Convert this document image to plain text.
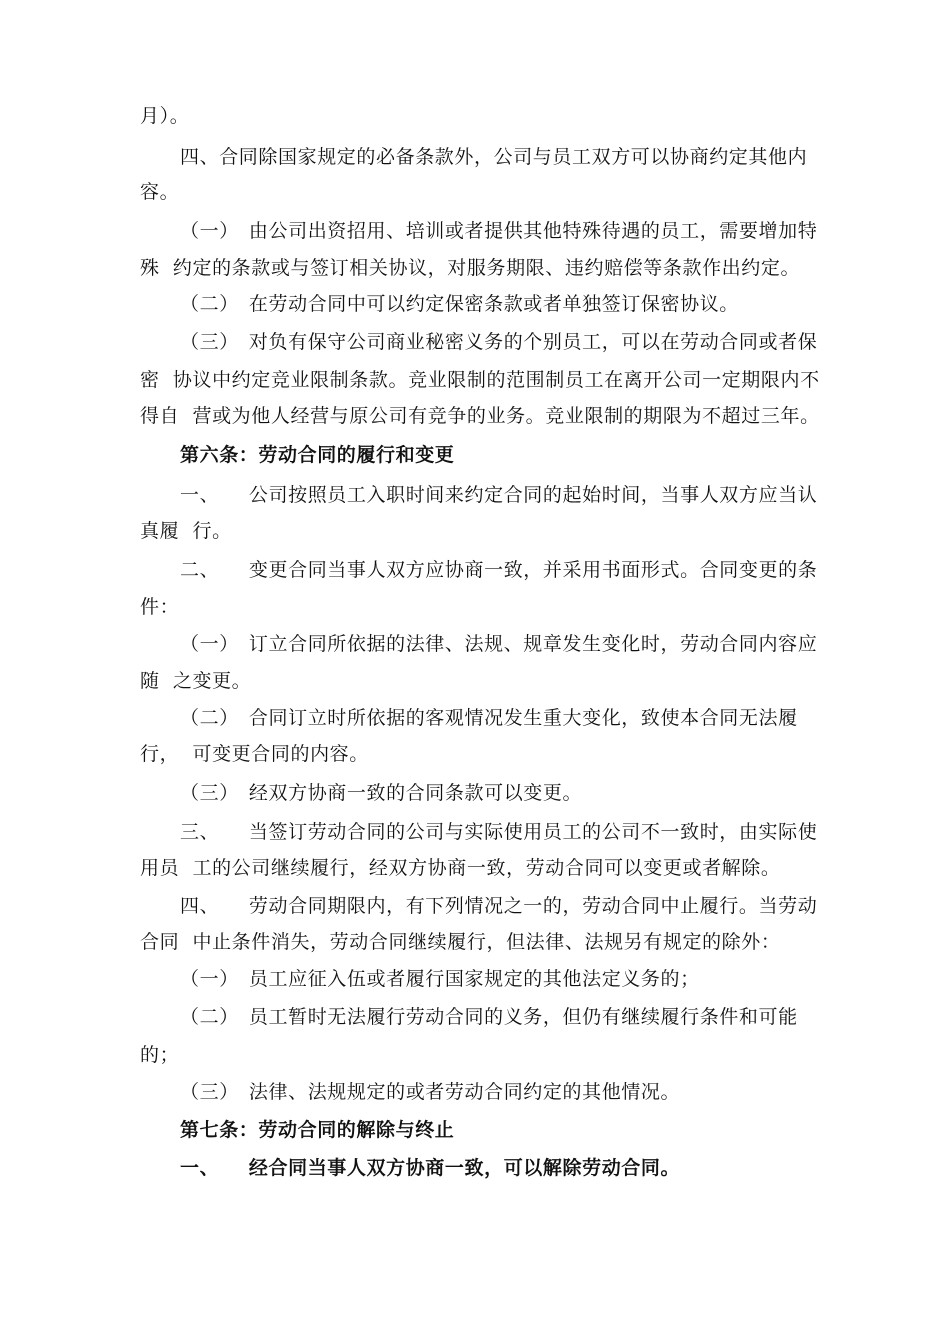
月）。
四、合同除国家规定的必备条款外，公司与员工双方可以协商约定其他内
容。
（一）　由公司出资招用、培训或者提供其他特殊待遇的员工，需要增加特
殊  约定的条款或与签订相关协议，对服务期限、违约赔偿等条款作出约定。
（二）　在劳动合同中可以约定保密条款或者单独签订保密协议。
（三）　对负有保守公司商业秘密义务的个别员工，可以在劳动合同或者保
密  协议中约定竞业限制条款。竞业限制的范围制员工在离开公司一定期限内不
得自  营或为他人经营与原公司有竞争的业务。竞业限制的期限为不超过三年。
第六条：劳动合同的履行和变更
一、　　公司按照员工入职时间来约定合同的起始时间，当事人双方应当认
真履  行。
二、　　变更合同当事人双方应协商一致，并采用书面形式。合同变更的条
件：
（一）　订立合同所依据的法律、法规、规章发生变化时，劳动合同内容应
随  之变更。
（二）　合同订立时所依据的客观情况发生重大变化，致使本合同无法履
行，  可变更合同的内容。
（三）　经双方协商一致的合同条款可以变更。
三、　　当签订劳动合同的公司与实际使用员工的公司不一致时，由实际使
用员  工的公司继续履行，经双方协商一致，劳动合同可以变更或者解除。
四、　　劳动合同期限内，有下列情况之一的，劳动合同中止履行。当劳动
合同  中止条件消失，劳动合同继续履行，但法律、法规另有规定的除外：
（一）　员工应征入伍或者履行国家规定的其他法定义务的；
（二）　员工暂时无法履行劳动合同的义务，但仍有继续履行条件和可能
的；
（三）　法律、法规规定的或者劳动合同约定的其他情况。
第七条：劳动合同的解除与终止
一、　　经合同当事人双方协商一致，可以解除劳动合同。
